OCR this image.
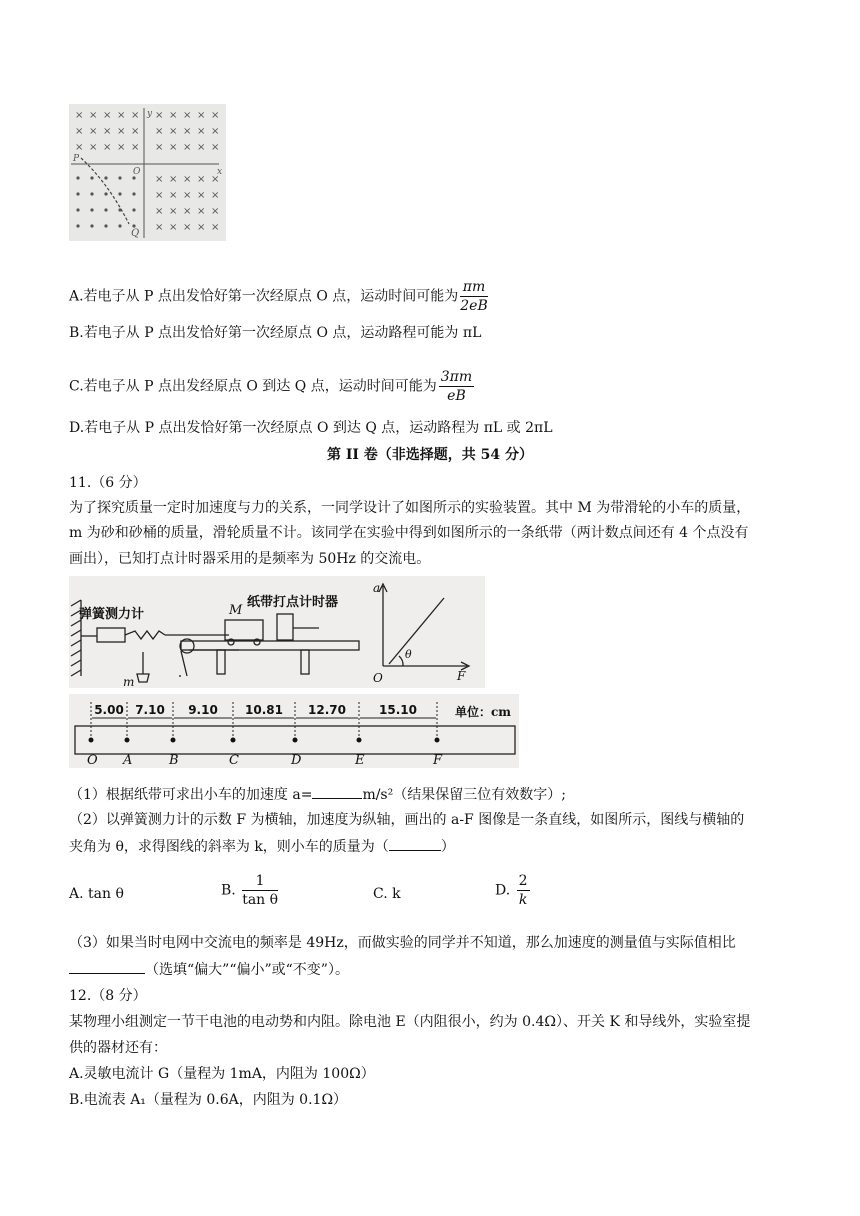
× × × × × × × × × ×
× × × × × × × × × ×
× × × × × × × × × ×
× × × × ×
× × × × ×
× × × × ×
× × × × ×
y
x
O
P
Q
A.若电子从 P 点出发恰好第一次经原点 O 点，运动时间可能为 $\frac{\pi m}{2eB}$
B.若电子从 P 点出发恰好第一次经原点 O 点，运动路程可能为 πL
C.若电子从 P 点出发经原点 O 到达 Q 点，运动时间可能为 $\frac{3\pi m}{eB}$
D.若电子从 P 点出发恰好第一次经原点 O 到达 Q 点，运动路程为 πL 或 2πL
第 II 卷（非选择题，共 54 分）
11.（6 分）
为了探究质量一定时加速度与力的关系，一同学设计了如图所示的实验装置。其中 M 为带滑轮的小车的质量，
m 为砂和砂桶的质量，滑轮质量不计。该同学在实验中得到如图所示的一条纸带（两计数点间还有 4 个点没有
画出），已知打点计时器采用的是频率为 50Hz 的交流电。
弹簧测力计	M
纸带打点计时器
m
a
F
O
θ
O A	B	C	D	E	F
5.00 7.10 9.10 10.81 12.70	15.10	单位：cm
（1）根据纸带可求出小车的加速度 a=	m/s²（结果保留三位有效数字）;
（2）以弹簧测力计的示数 F 为横轴，加速度为纵轴，画出的 a-F 图像是一条直线，如图所示，图线与横轴的
夹角为 θ，求得图线的斜率为 k，则小车的质量为（	）
A. tan θ	B. $\frac{1}{\text{tan θ}}$	C. k	D. $\frac{2}{k}$
（3）如果当时电网中交流电的频率是 49Hz，而做实验的同学并不知道，那么加速度的测量值与实际值相比
（选填“偏大”“偏小”或“不变”）。
12.（8 分）
某物理小组测定一节干电池的电动势和内阻。除电池 E（内阻很小，约为 0.4Ω）、开关 K 和导线外，实验室提
供的器材还有：
A.灵敏电流计 G（量程为 1mA，内阻为 100Ω）
B.电流表 A₁（量程为 0.6A，内阻为 0.1Ω）
